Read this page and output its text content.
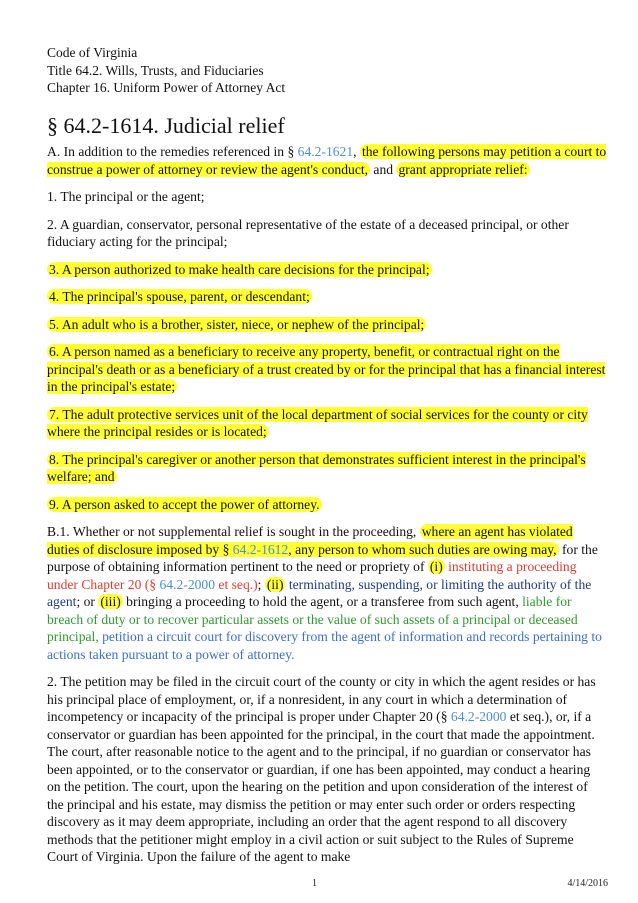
Code of Virginia
Title 64.2. Wills, Trusts, and Fiduciaries
Chapter 16. Uniform Power of Attorney Act
§ 64.2-1614. Judicial relief

A. In addition to the remedies referenced in § 64.2-1621, the following persons may petition a court to construe a power of attorney or review the agent's conduct, and grant appropriate relief:

1. The principal or the agent;

2. A guardian, conservator, personal representative of the estate of a deceased principal, or other fiduciary acting for the principal;

3. A person authorized to make health care decisions for the principal;

4. The principal's spouse, parent, or descendant;

5. An adult who is a brother, sister, niece, or nephew of the principal;

6. A person named as a beneficiary to receive any property, benefit, or contractual right on the principal's death or as a beneficiary of a trust created by or for the principal that has a financial interest in the principal's estate;

7. The adult protective services unit of the local department of social services for the county or city where the principal resides or is located;

8. The principal's caregiver or another person that demonstrates sufficient interest in the principal's welfare; and

9. A person asked to accept the power of attorney.

B.1. Whether or not supplemental relief is sought in the proceeding, where an agent has violated duties of disclosure imposed by § 64.2-1612, any person to whom such duties are owing may, for the purpose of obtaining information pertinent to the need or propriety of (i) instituting a proceeding under Chapter 20 (§ 64.2-2000 et seq.); (ii) terminating, suspending, or limiting the authority of the agent; or (iii) bringing a proceeding to hold the agent, or a transferee from such agent, liable for breach of duty or to recover particular assets or the value of such assets of a principal or deceased principal, petition a circuit court for discovery from the agent of information and records pertaining to actions taken pursuant to a power of attorney.

2. The petition may be filed in the circuit court of the county or city in which the agent resides or has his principal place of employment, or, if a nonresident, in any court in which a determination of incompetency or incapacity of the principal is proper under Chapter 20 (§ 64.2-2000 et seq.), or, if a conservator or guardian has been appointed for the principal, in the court that made the appointment. The court, after reasonable notice to the agent and to the principal, if no guardian or conservator has been appointed, or to the conservator or guardian, if one has been appointed, may conduct a hearing on the petition. The court, upon the hearing on the petition and upon consideration of the interest of the principal and his estate, may dismiss the petition or may enter such order or orders respecting discovery as it may deem appropriate, including an order that the agent respond to all discovery methods that the petitioner might employ in a civil action or suit subject to the Rules of Supreme Court of Virginia. Upon the failure of the agent to make

1	4/14/2016
